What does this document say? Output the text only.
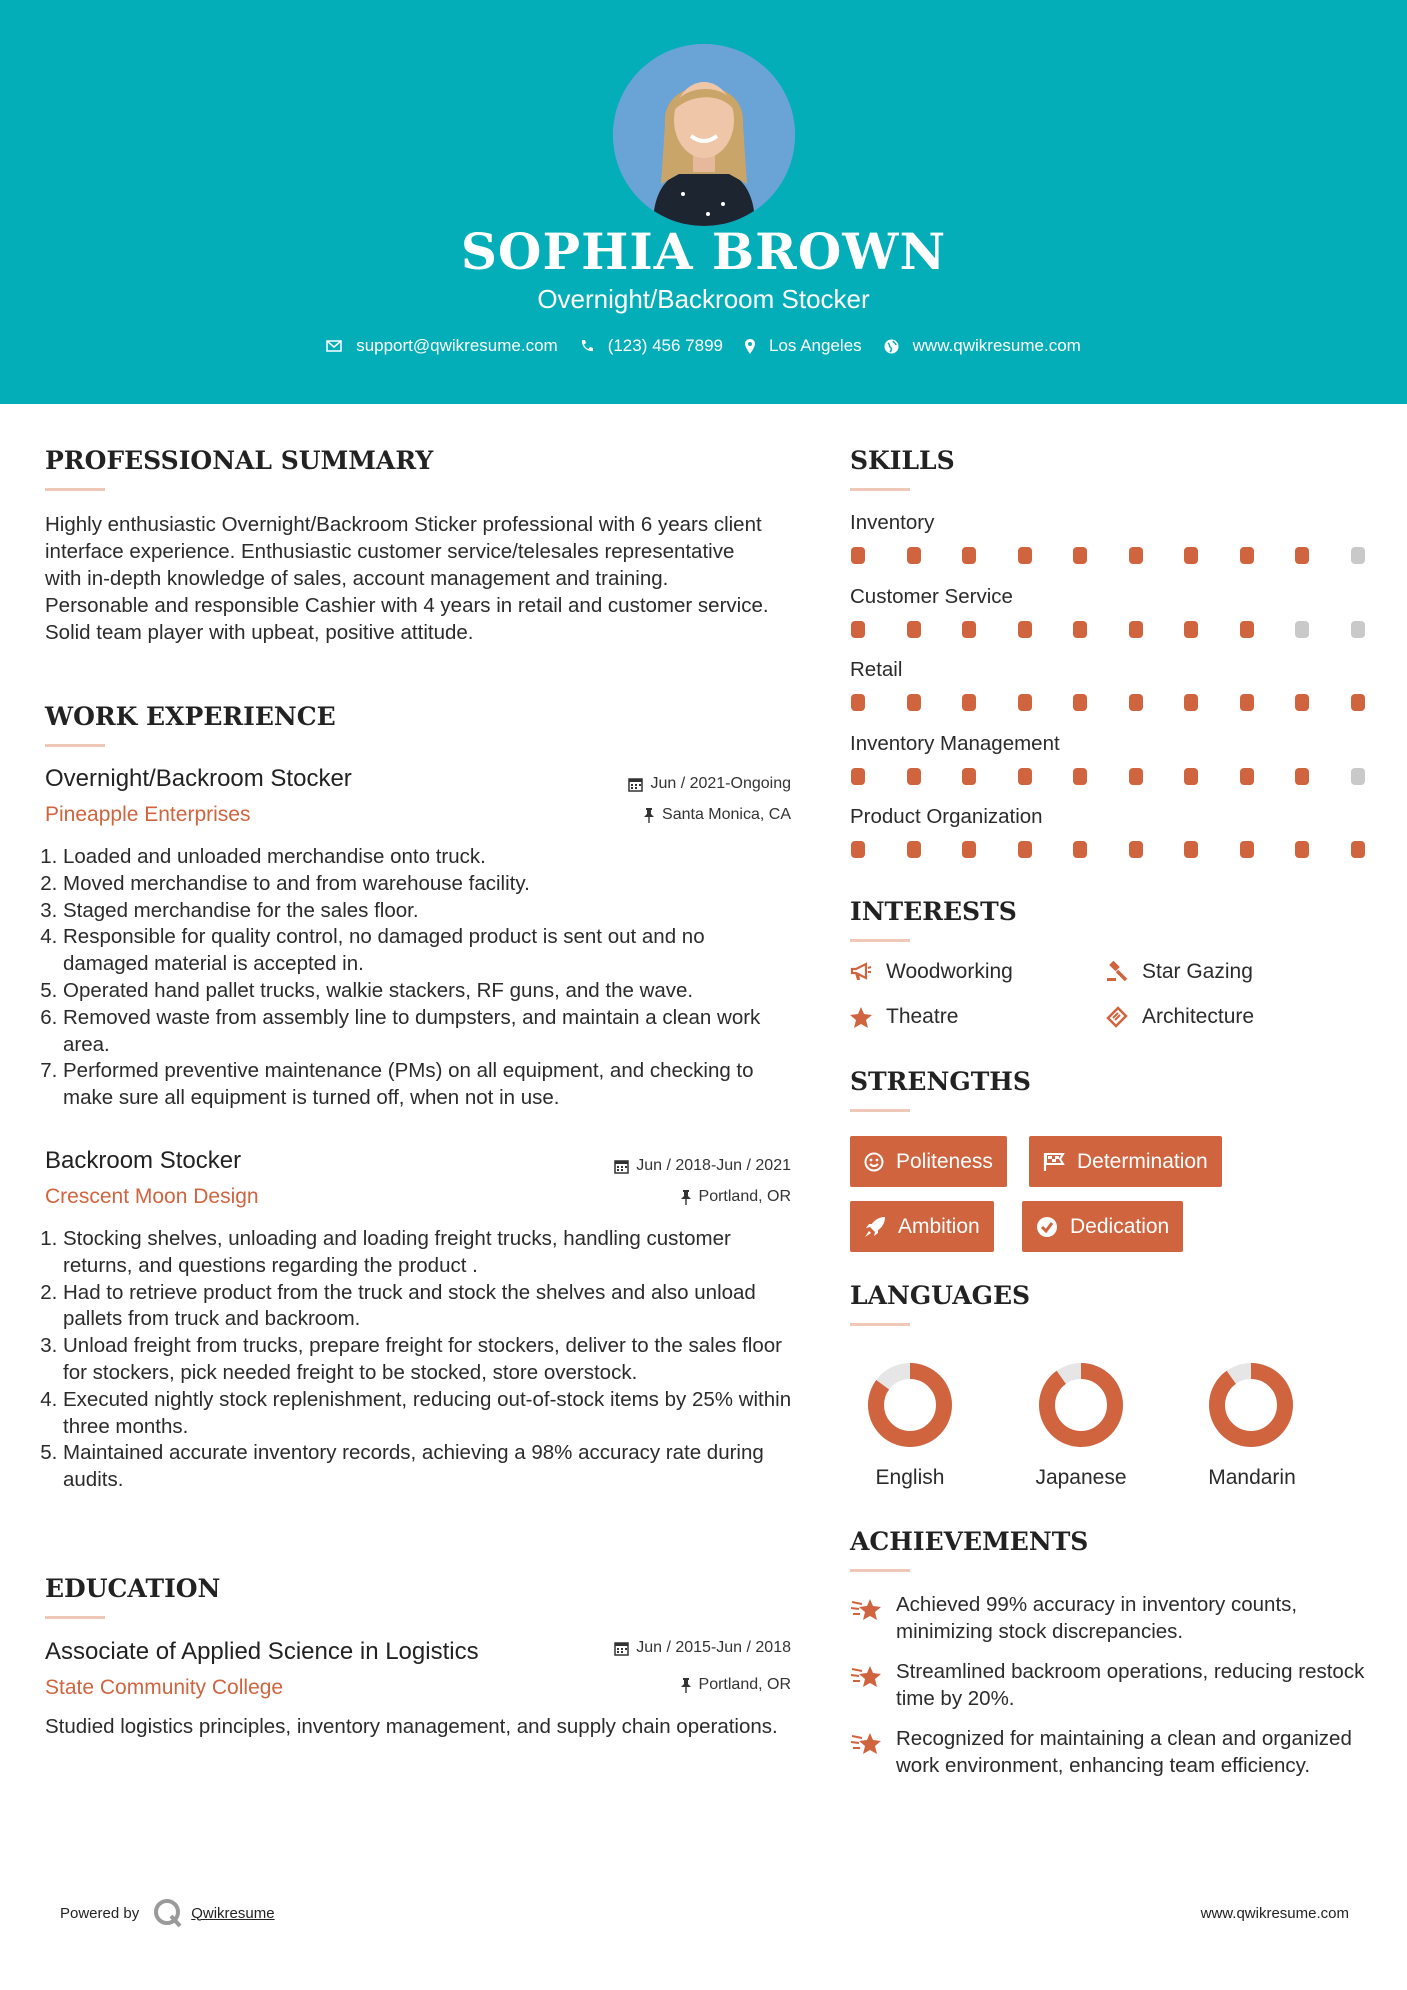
SOPHIA BROWN
Overnight/Backroom Stocker
support@qwikresume.com	(123) 456 7899	Los Angeles	www.qwikresume.com
PROFESSIONAL SUMMARY
Highly enthusiastic Overnight/Backroom Sticker professional with 6 years client interface experience. Enthusiastic customer service/telesales representative with in-depth knowledge of sales, account management and training. Personable and responsible Cashier with 4 years in retail and customer service. Solid team player with upbeat, positive attitude.
WORK EXPERIENCE
Overnight/Backroom Stocker
Pineapple Enterprises
Jun / 2021-Ongoing
Santa Monica, CA
1. Loaded and unloaded merchandise onto truck.
2. Moved merchandise to and from warehouse facility.
3. Staged merchandise for the sales floor.
4. Responsible for quality control, no damaged product is sent out and no damaged material is accepted in.
5. Operated hand pallet trucks, walkie stackers, RF guns, and the wave.
6. Removed waste from assembly line to dumpsters, and maintain a clean work area.
7. Performed preventive maintenance (PMs) on all equipment, and checking to make sure all equipment is turned off, when not in use.
Backroom Stocker
Crescent Moon Design
Jun / 2018-Jun / 2021
Portland, OR
1. Stocking shelves, unloading and loading freight trucks, handling customer returns, and questions regarding the product .
2. Had to retrieve product from the truck and stock the shelves and also unload pallets from truck and backroom.
3. Unload freight from trucks, prepare freight for stockers, deliver to the sales floor for stockers, pick needed freight to be stocked, store overstock.
4. Executed nightly stock replenishment, reducing out-of-stock items by 25% within three months.
5. Maintained accurate inventory records, achieving a 98% accuracy rate during audits.
EDUCATION
Associate of Applied Science in Logistics
State Community College
Jun / 2015-Jun / 2018
Portland, OR
Studied logistics principles, inventory management, and supply chain operations.
SKILLS
Inventory
Customer Service
Retail
Inventory Management
Product Organization
INTERESTS
Woodworking	Star Gazing
Theatre	Architecture
STRENGTHS
Politeness	Determination
Ambition	Dedication
LANGUAGES
English	Japanese	Mandarin
ACHIEVEMENTS
Achieved 99% accuracy in inventory counts, minimizing stock discrepancies.
Streamlined backroom operations, reducing restock time by 20%.
Recognized for maintaining a clean and organized work environment, enhancing team efficiency.
Powered by	Qwikresume	www.qwikresume.com
